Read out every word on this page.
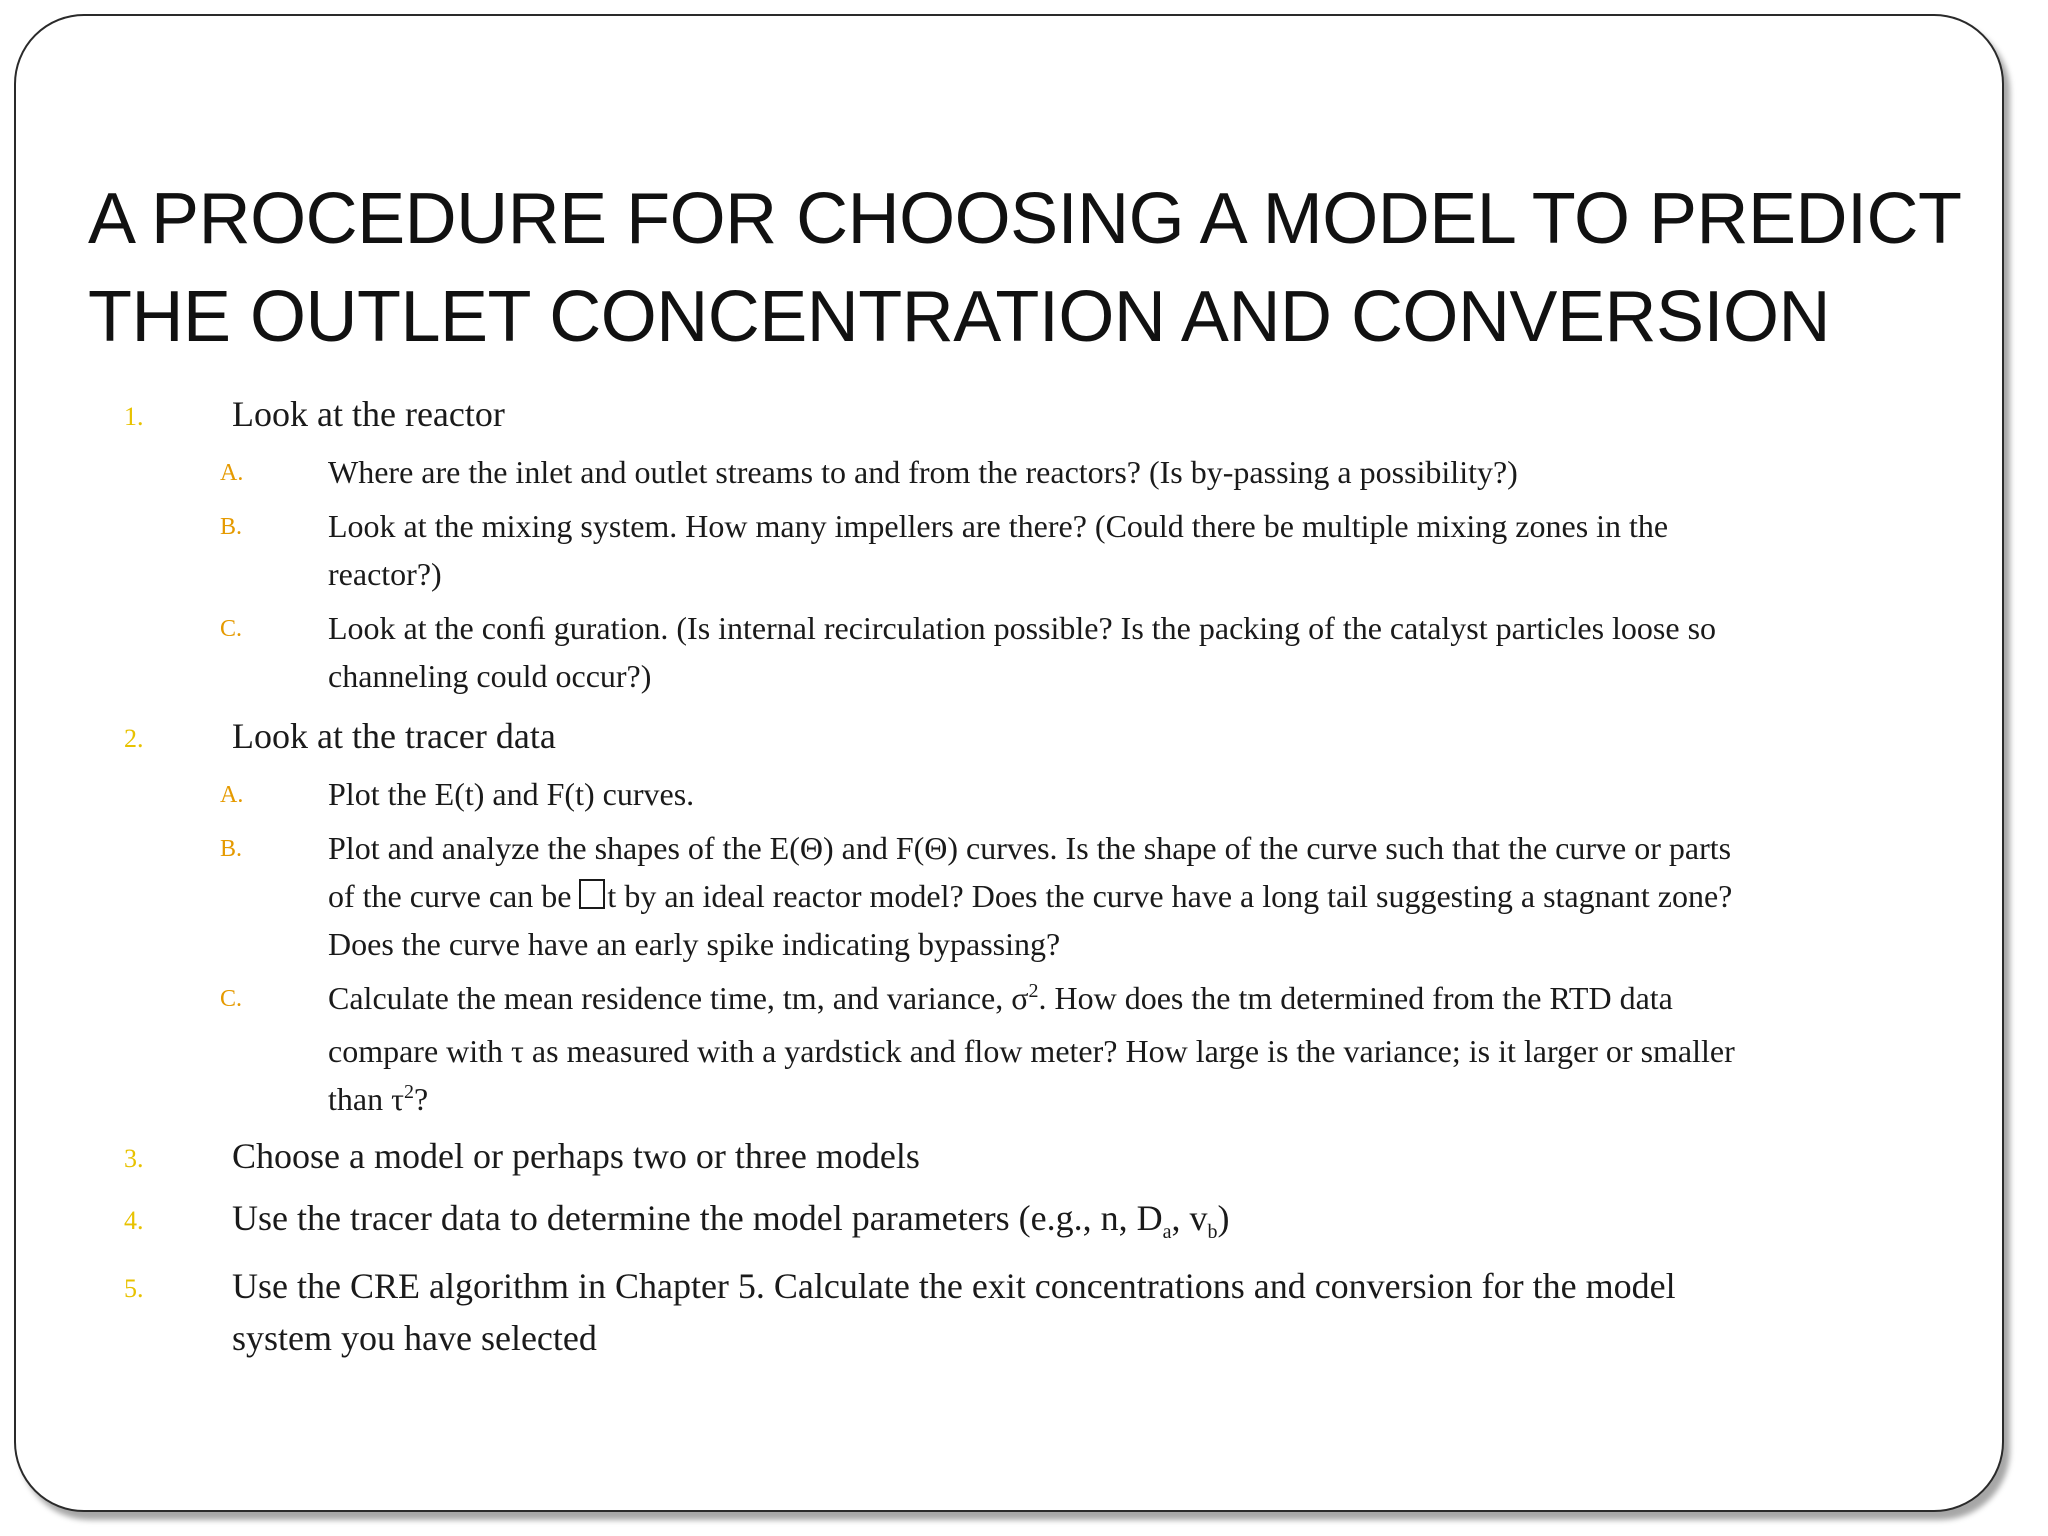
A PROCEDURE FOR CHOOSING A MODEL TO PREDICT
THE OUTLET CONCENTRATION AND CONVERSION
1. Look at the reactor
A.	Where are the inlet and outlet streams to and from the reactors? (Is by-passing a possibility?)
B.	Look at the mixing system. How many impellers are there? (Could there be multiple mixing zones in the
reactor?)
C.	Look at the conﬁ guration. (Is internal recirculation possible? Is the packing of the catalyst particles loose so
channeling could occur?)
2. Look at the tracer data
A.	Plot the E(t) and F(t) curves.
B.	Plot and analyze the shapes of the E(Θ) and F(Θ) curves. Is the shape of the curve such that the curve or parts
of the curve can be t by an ideal reactor model? Does the curve have a long tail suggesting a stagnant zone?
Does the curve have an early spike indicating bypassing?
C.	Calculate the mean residence time, tm, and variance, $\sigma^2$. How does the tm determined from the RTD data
compare with τ as measured with a yardstick and flow meter? How large is the variance; is it larger or smaller
than $\tau^2$?
3. Choose a model or perhaps two or three models
4. Use the tracer data to determine the model parameters (e.g., n, $D_a$, $v_b$)
5. Use the CRE algorithm in Chapter 5. Calculate the exit concentrations and conversion for the model
system you have selected
